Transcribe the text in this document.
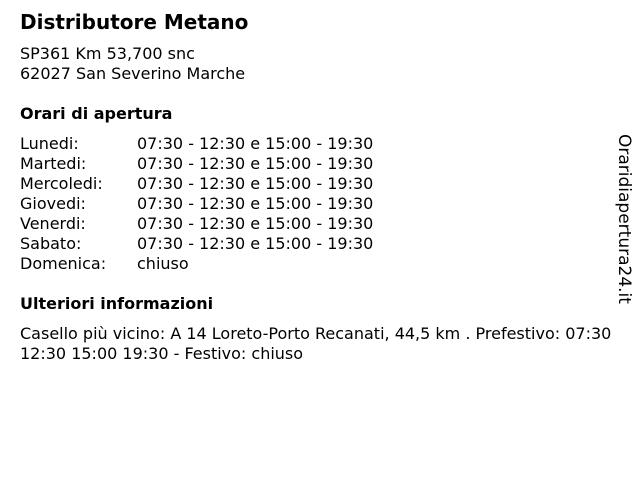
Distributore Metano
SP361 Km 53,700 snc
62027 San Severino Marche
Orari di apertura
Lunedi:	07:30 - 12:30 e 15:00 - 19:30
Martedi:	07:30 - 12:30 e 15:00 - 19:30
Mercoledi:	07:30 - 12:30 e 15:00 - 19:30
Giovedi:	07:30 - 12:30 e 15:00 - 19:30
Venerdi:	07:30 - 12:30 e 15:00 - 19:30
Sabato:	07:30 - 12:30 e 15:00 - 19:30
Domenica:	chiuso
Ulteriori informazioni
Casello più vicino: A 14 Loreto-Porto Recanati, 44,5 km . Prefestivo: 07:30 12:30 15:00 19:30 - Festivo: chiuso
Oraridiapertura24.it
